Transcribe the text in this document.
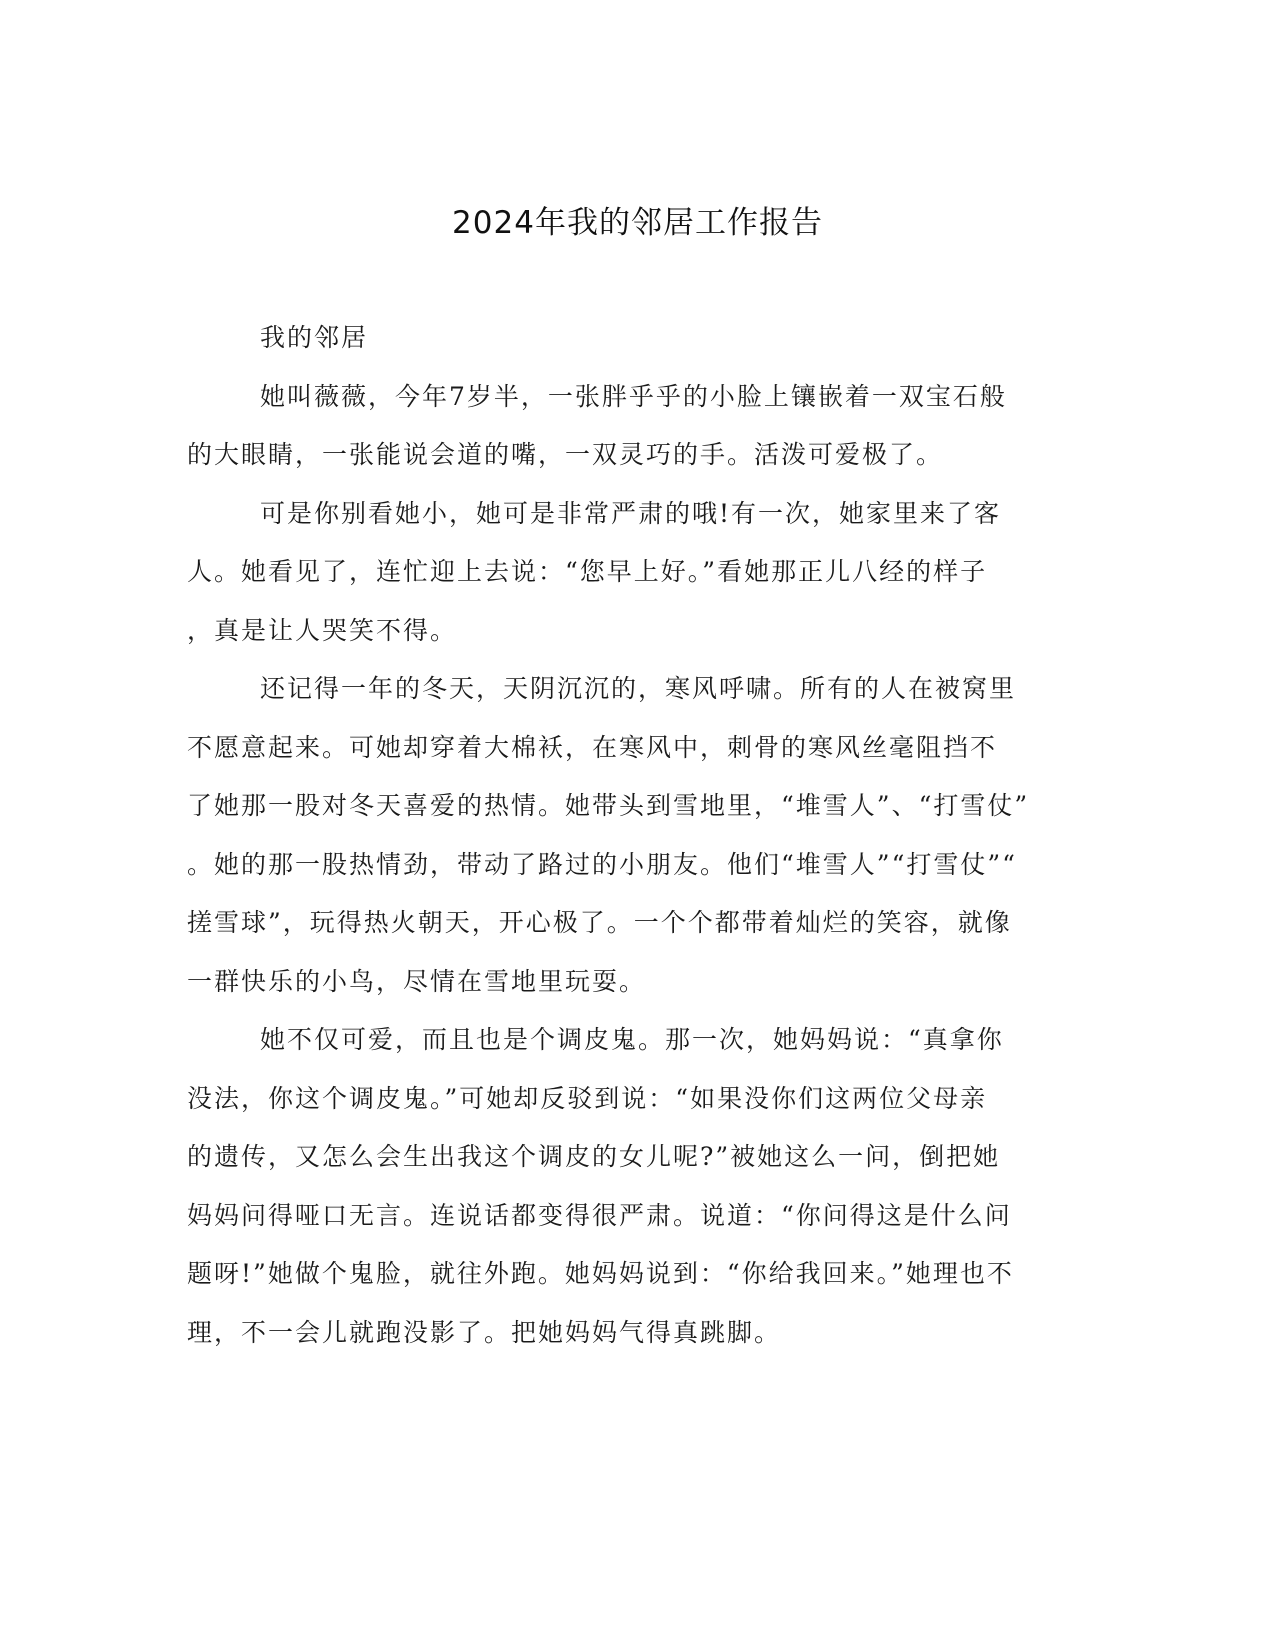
2024年我的邻居工作报告
我的邻居
她叫薇薇，今年7岁半，一张胖乎乎的小脸上镶嵌着一双宝石般
的大眼睛，一张能说会道的嘴，一双灵巧的手。活泼可爱极了。
可是你别看她小，她可是非常严肃的哦!有一次，她家里来了客
人。她看见了，连忙迎上去说：“您早上好。”看她那正儿八经的样子
，真是让人哭笑不得。
还记得一年的冬天，天阴沉沉的，寒风呼啸。所有的人在被窝里
不愿意起来。可她却穿着大棉袄，在寒风中，刺骨的寒风丝毫阻挡不
了她那一股对冬天喜爱的热情。她带头到雪地里，“堆雪人”、“打雪仗”
。她的那一股热情劲，带动了路过的小朋友。他们“堆雪人”“打雪仗”“
搓雪球”，玩得热火朝天，开心极了。一个个都带着灿烂的笑容，就像
一群快乐的小鸟，尽情在雪地里玩耍。
她不仅可爱，而且也是个调皮鬼。那一次，她妈妈说：“真拿你
没法，你这个调皮鬼。”可她却反驳到说：“如果没你们这两位父母亲
的遗传，又怎么会生出我这个调皮的女儿呢?”被她这么一问，倒把她
妈妈问得哑口无言。连说话都变得很严肃。说道：“你问得这是什么问
题呀!”她做个鬼脸，就往外跑。她妈妈说到：“你给我回来。”她理也不
理，不一会儿就跑没影了。把她妈妈气得真跳脚。
